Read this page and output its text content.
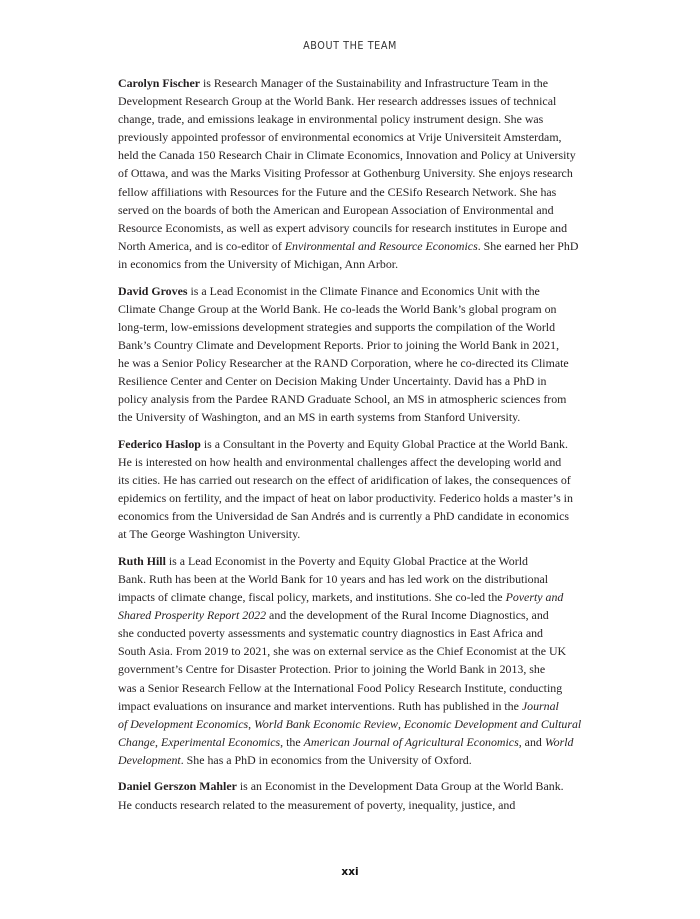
ABOUT THE TEAM

Carolyn Fischer is Research Manager of the Sustainability and Infrastructure Team in the
Development Research Group at the World Bank. Her research addresses issues of technical
change, trade, and emissions leakage in environmental policy instrument design. She was
previously appointed professor of environmental economics at Vrije Universiteit Amsterdam,
held the Canada 150 Research Chair in Climate Economics, Innovation and Policy at University
of Ottawa, and was the Marks Visiting Professor at Gothenburg University. She enjoys research
fellow affiliations with Resources for the Future and the CESifo Research Network. She has
served on the boards of both the American and European Association of Environmental and
Resource Economists, as well as expert advisory councils for research institutes in Europe and
North America, and is co-editor of Environmental and Resource Economics. She earned her PhD
in economics from the University of Michigan, Ann Arbor.

David Groves is a Lead Economist in the Climate Finance and Economics Unit with the
Climate Change Group at the World Bank. He co-leads the World Bank’s global program on
long-term, low-emissions development strategies and supports the compilation of the World
Bank’s Country Climate and Development Reports. Prior to joining the World Bank in 2021,
he was a Senior Policy Researcher at the RAND Corporation, where he co-directed its Climate
Resilience Center and Center on Decision Making Under Uncertainty. David has a PhD in
policy analysis from the Pardee RAND Graduate School, an MS in atmospheric sciences from
the University of Washington, and an MS in earth systems from Stanford University.

Federico Haslop is a Consultant in the Poverty and Equity Global Practice at the World Bank.
He is interested on how health and environmental challenges affect the developing world and
its cities. He has carried out research on the effect of aridification of lakes, the consequences of
epidemics on fertility, and the impact of heat on labor productivity. Federico holds a master’s in
economics from the Universidad de San Andrés and is currently a PhD candidate in economics
at The George Washington University.

Ruth Hill is a Lead Economist in the Poverty and Equity Global Practice at the World
Bank. Ruth has been at the World Bank for 10 years and has led work on the distributional
impacts of climate change, fiscal policy, markets, and institutions. She co-led the Poverty and
Shared Prosperity Report 2022 and the development of the Rural Income Diagnostics, and
she conducted poverty assessments and systematic country diagnostics in East Africa and
South Asia. From 2019 to 2021, she was on external service as the Chief Economist at the UK
government’s Centre for Disaster Protection. Prior to joining the World Bank in 2013, she
was a Senior Research Fellow at the International Food Policy Research Institute, conducting
impact evaluations on insurance and market interventions. Ruth has published in the Journal
of Development Economics, World Bank Economic Review, Economic Development and Cultural
Change, Experimental Economics, the American Journal of Agricultural Economics, and World
Development. She has a PhD in economics from the University of Oxford.

Daniel Gerszon Mahler is an Economist in the Development Data Group at the World Bank.
He conducts research related to the measurement of poverty, inequality, justice, and

xxi
